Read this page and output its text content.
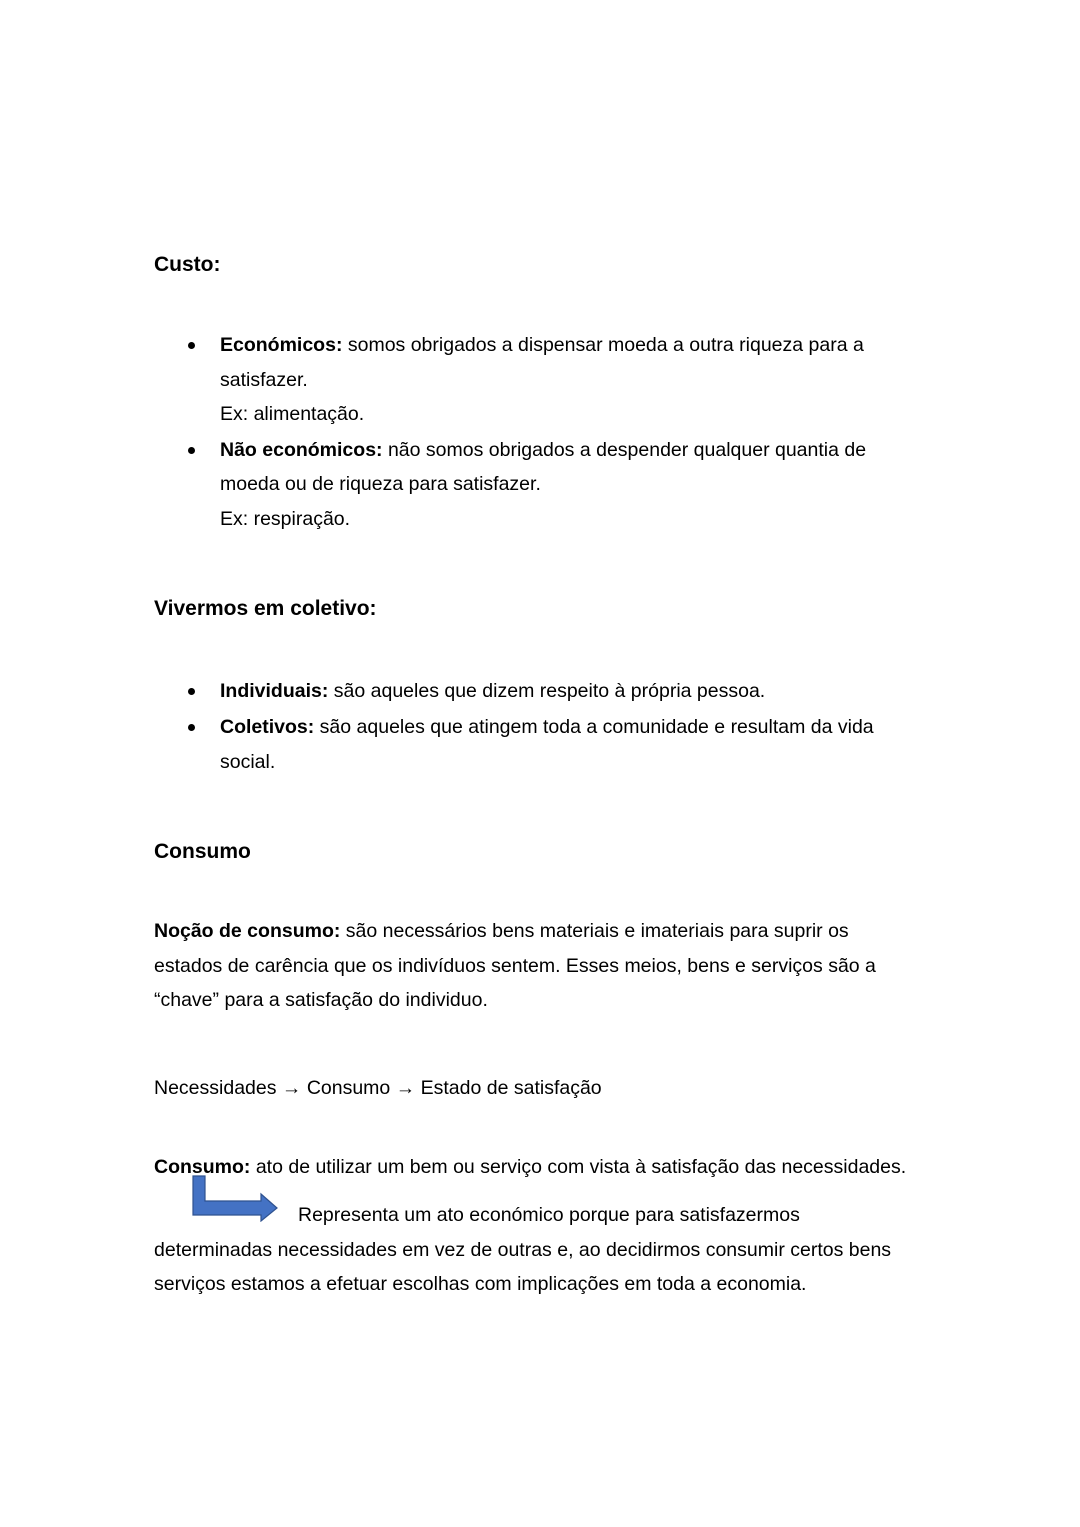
Custo:
Económicos: somos obrigados a dispensar moeda a outra riqueza para a
satisfazer.
Ex: alimentação.
Não económicos: não somos obrigados a despender qualquer quantia de
moeda ou de riqueza para satisfazer.
Ex: respiração.
Vivermos em coletivo:
Individuais: são aqueles que dizem respeito à própria pessoa.
Coletivos: são aqueles que atingem toda a comunidade e resultam da vida
social.
Consumo
Noção de consumo: são necessários bens materiais e imateriais para suprir os
estados de carência que os indivíduos sentem. Esses meios, bens e serviços são a
“chave” para a satisfação do individuo.
Necessidades → Consumo → Estado de satisfação
Consumo: ato de utilizar um bem ou serviço com vista à satisfação das necessidades.
Representa um ato económico porque para satisfazermos
determinadas necessidades em vez de outras e, ao decidirmos consumir certos bens
serviços estamos a efetuar escolhas com implicações em toda a economia.
